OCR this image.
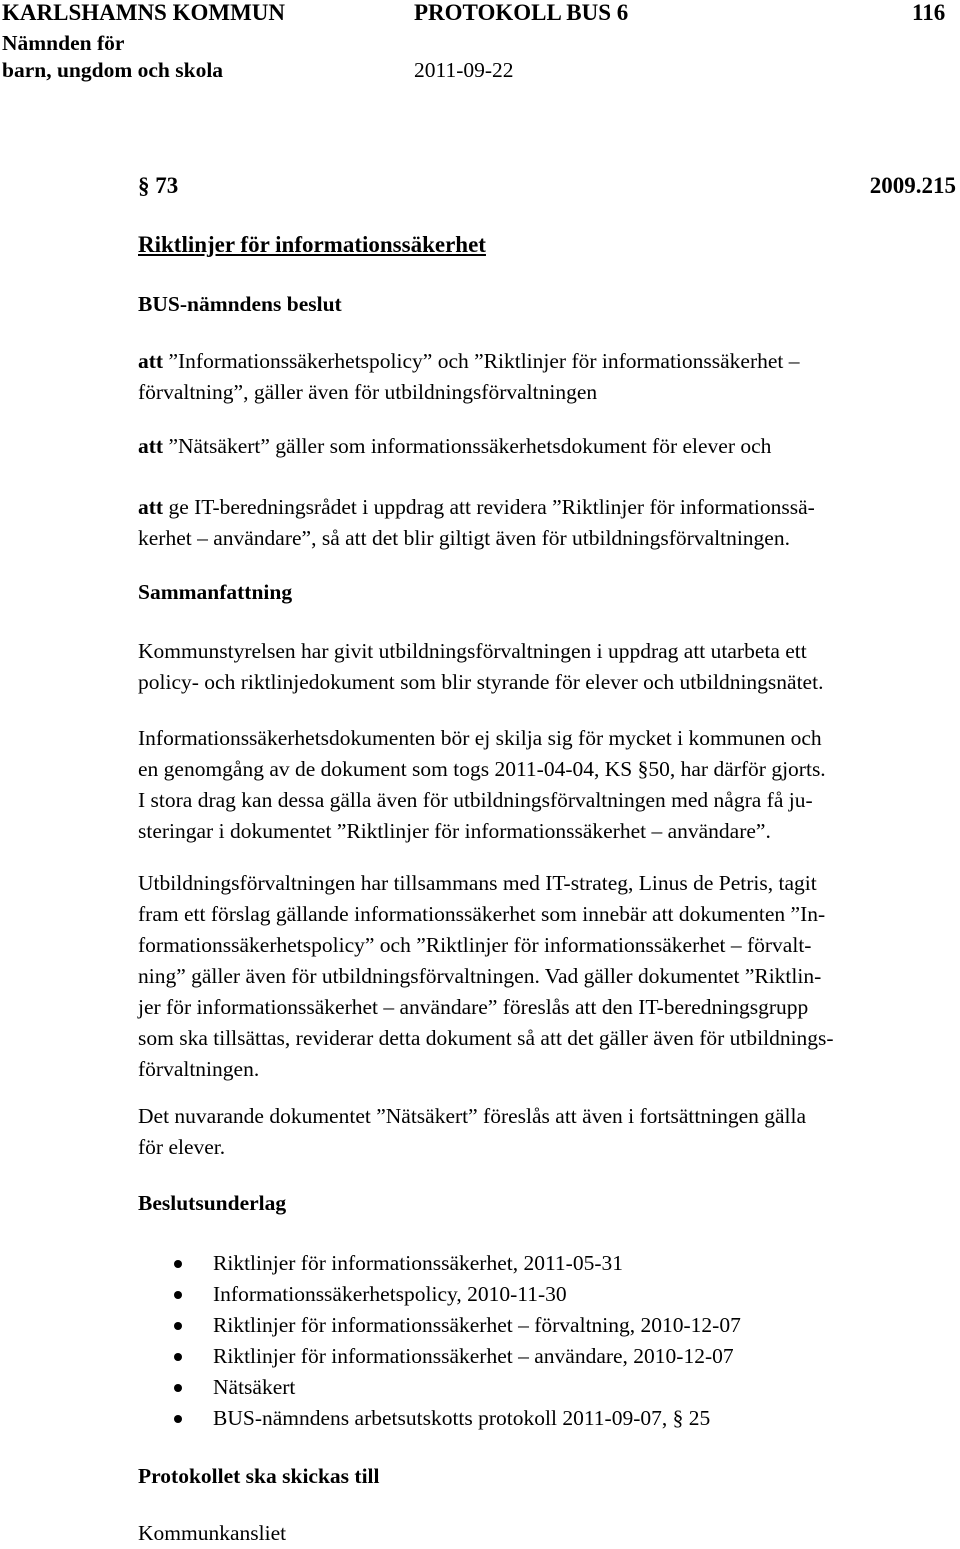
KARLSHAMNS KOMMUN	PROTOKOLL BUS 6	116
Nämnden för
barn, ungdom och skola	2011-09-22
§ 73	2009.215
Riktlinjer för informationssäkerhet
BUS-nämndens beslut
att ”Informationssäkerhetspolicy” och ”Riktlinjer för informationssäkerhet –
förvaltning”, gäller även för utbildningsförvaltningen
att ”Nätsäkert” gäller som informationssäkerhetsdokument för elever och
att ge IT-beredningsrådet i uppdrag att revidera ”Riktlinjer för informationssä-
kerhet – användare”, så att det blir giltigt även för utbildningsförvaltningen.
Sammanfattning
Kommunstyrelsen har givit utbildningsförvaltningen i uppdrag att utarbeta ett
policy- och riktlinjedokument som blir styrande för elever och utbildningsnätet.
Informationssäkerhetsdokumenten bör ej skilja sig för mycket i kommunen och
en genomgång av de dokument som togs 2011-04-04, KS §50, har därför gjorts.
I stora drag kan dessa gälla även för utbildningsförvaltningen med några få ju-
steringar i dokumentet ”Riktlinjer för informationssäkerhet – användare”.
Utbildningsförvaltningen har tillsammans med IT-strateg, Linus de Petris, tagit
fram ett förslag gällande informationssäkerhet som innebär att dokumenten ”In-
formationssäkerhetspolicy” och ”Riktlinjer för informationssäkerhet – förvalt-
ning” gäller även för utbildningsförvaltningen. Vad gäller dokumentet ”Riktlin-
jer för informationssäkerhet – användare” föreslås att den IT-beredningsgrupp
som ska tillsättas, reviderar detta dokument så att det gäller även för utbildnings-
förvaltningen.
Det nuvarande dokumentet ”Nätsäkert” föreslås att även i fortsättningen gälla
för elever.
Beslutsunderlag
Riktlinjer för informationssäkerhet, 2011-05-31
Informationssäkerhetspolicy, 2010-11-30
Riktlinjer för informationssäkerhet – förvaltning, 2010-12-07
Riktlinjer för informationssäkerhet – användare, 2010-12-07
Nätsäkert
BUS-nämndens arbetsutskotts protokoll 2011-09-07, § 25
Protokollet ska skickas till
Kommunkansliet
